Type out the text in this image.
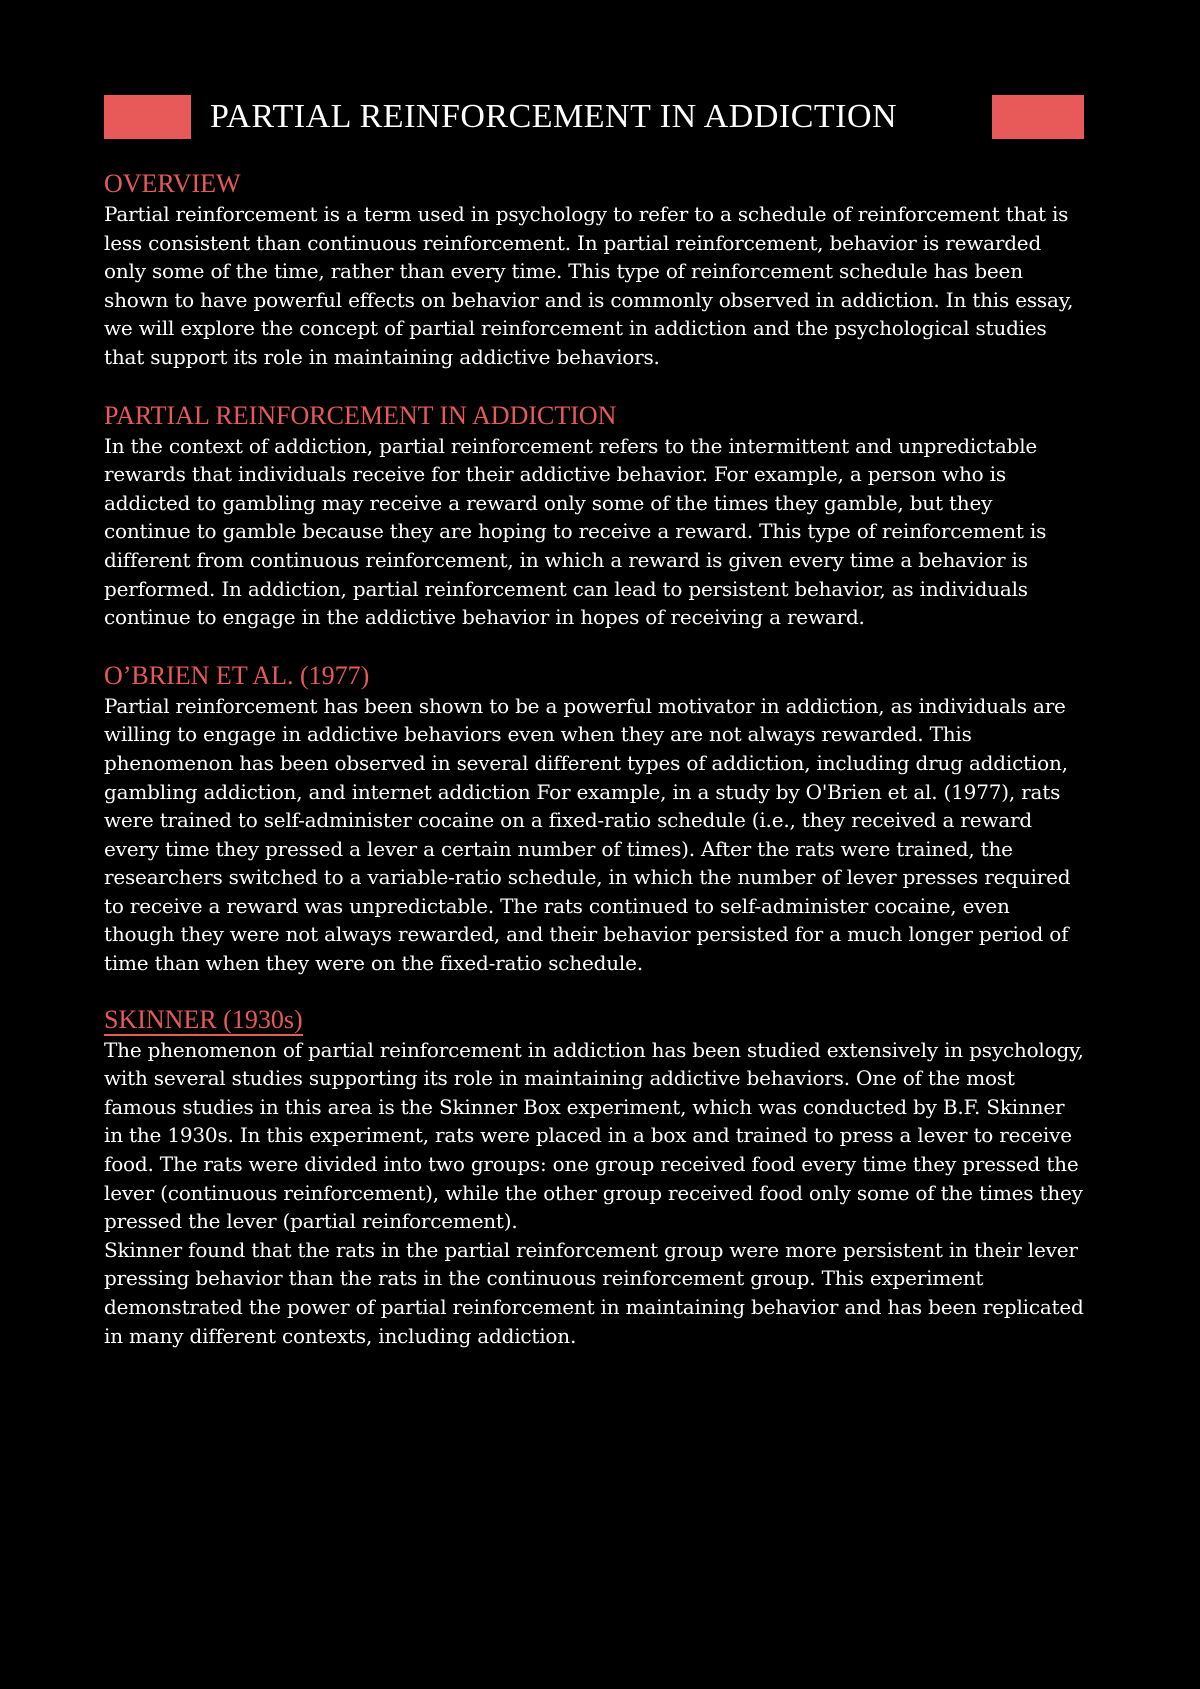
PARTIAL REINFORCEMENT IN ADDICTION
OVERVIEW

Partial reinforcement is a term used in psychology to refer to a schedule of reinforcement that is less consistent than continuous reinforcement. In partial reinforcement, behavior is rewarded only some of the time, rather than every time. This type of reinforcement schedule has been shown to have powerful effects on behavior and is commonly observed in addiction. In this essay, we will explore the concept of partial reinforcement in addiction and the psychological studies that support its role in maintaining addictive behaviors.

PARTIAL REINFORCEMENT IN ADDICTION

In the context of addiction, partial reinforcement refers to the intermittent and unpredictable rewards that individuals receive for their addictive behavior. For example, a person who is addicted to gambling may receive a reward only some of the times they gamble, but they continue to gamble because they are hoping to receive a reward. This type of reinforcement is different from continuous reinforcement, in which a reward is given every time a behavior is performed. In addiction, partial reinforcement can lead to persistent behavior, as individuals continue to engage in the addictive behavior in hopes of receiving a reward.

O’BRIEN ET AL. (1977)

Partial reinforcement has been shown to be a powerful motivator in addiction, as individuals are willing to engage in addictive behaviors even when they are not always rewarded. This phenomenon has been observed in several different types of addiction, including drug addiction, gambling addiction, and internet addiction For example, in a study by O'Brien et al. (1977), rats were trained to self-administer cocaine on a fixed-ratio schedule (i.e., they received a reward every time they pressed a lever a certain number of times). After the rats were trained, the researchers switched to a variable-ratio schedule, in which the number of lever presses required to receive a reward was unpredictable. The rats continued to self-administer cocaine, even though they were not always rewarded, and their behavior persisted for a much longer period of time than when they were on the fixed-ratio schedule.

SKINNER (1930s)

The phenomenon of partial reinforcement in addiction has been studied extensively in psychology, with several studies supporting its role in maintaining addictive behaviors. One of the most famous studies in this area is the Skinner Box experiment, which was conducted by B.F. Skinner in the 1930s. In this experiment, rats were placed in a box and trained to press a lever to receive food. The rats were divided into two groups: one group received food every time they pressed the lever (continuous reinforcement), while the other group received food only some of the times they pressed the lever (partial reinforcement).

Skinner found that the rats in the partial reinforcement group were more persistent in their lever pressing behavior than the rats in the continuous reinforcement group. This experiment demonstrated the power of partial reinforcement in maintaining behavior and has been replicated in many different contexts, including addiction.
